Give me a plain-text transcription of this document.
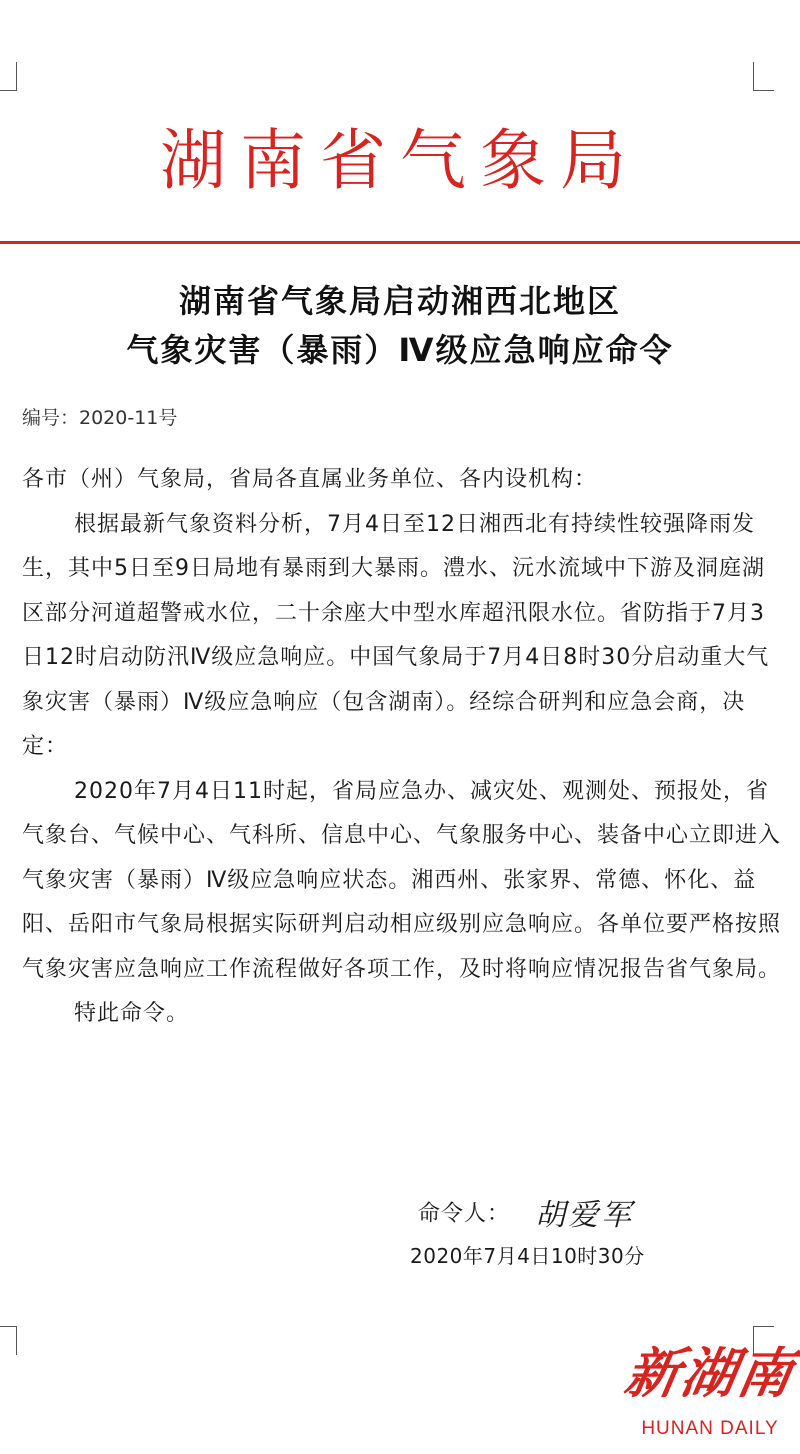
湖南省气象局
湖南省气象局启动湘西北地区
气象灾害（暴雨）Ⅳ级应急响应命令
编号：2020-11号

各市（州）气象局，省局各直属业务单位、各内设机构：

根据最新气象资料分析，7月4日至12日湘西北有持续性较强降雨发生，其中5日至9日局地有暴雨到大暴雨。澧水、沅水流域中下游及洞庭湖区部分河道超警戒水位，二十余座大中型水库超汛限水位。省防指于7月3日12时启动防汛Ⅳ级应急响应。中国气象局于7月4日8时30分启动重大气象灾害（暴雨）Ⅳ级应急响应（包含湖南）。经综合研判和应急会商，决定：

2020年7月4日11时起，省局应急办、减灾处、观测处、预报处，省气象台、气候中心、气科所、信息中心、气象服务中心、装备中心立即进入气象灾害（暴雨）Ⅳ级应急响应状态。湘西州、张家界、常德、怀化、益阳、岳阳市气象局根据实际研判启动相应级别应急响应。各单位要严格按照气象灾害应急响应工作流程做好各项工作，及时将响应情况报告省气象局。

特此命令。

命令人： 胡爱军
2020年7月4日10时30分
新湖南
HUNAN DAILY
